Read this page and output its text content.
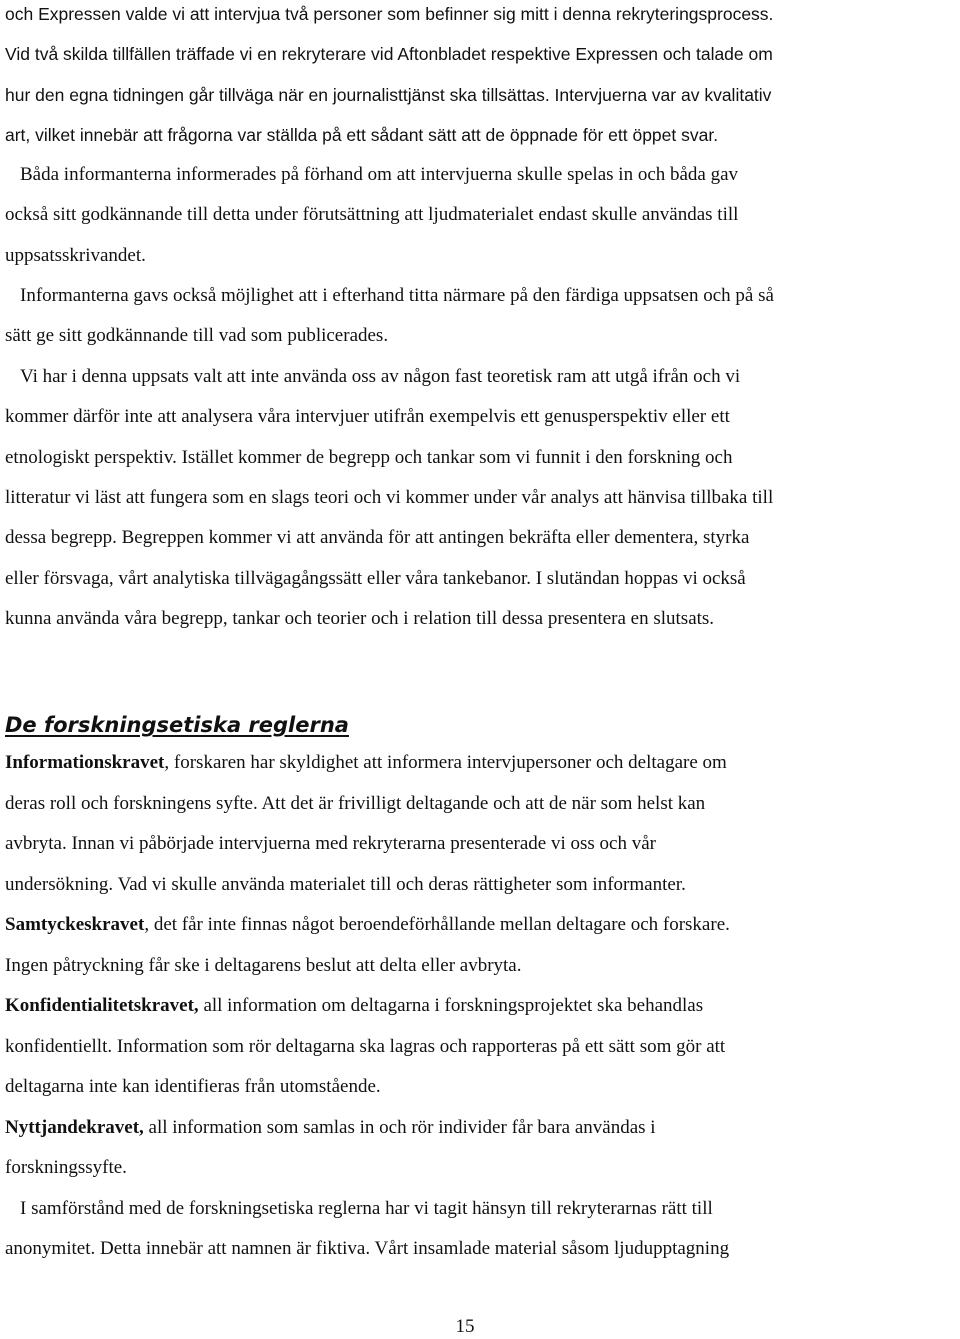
och Expressen valde vi att intervjua två personer som befinner sig mitt i denna rekryteringsprocess.
Vid två skilda tillfällen träffade vi en rekryterare vid Aftonbladet respektive Expressen och talade om
hur den egna tidningen går tillväga när en journalisttjänst ska tillsättas. Intervjuerna var av kvalitativ
art, vilket innebär att frågorna var ställda på ett sådant sätt att de öppnade för ett öppet svar.
Båda informanterna informerades på förhand om att intervjuerna skulle spelas in och båda gav
också sitt godkännande till detta under förutsättning att ljudmaterialet endast skulle användas till
uppsatsskrivandet.
Informanterna gavs också möjlighet att i efterhand titta närmare på den färdiga uppsatsen och på så
sätt ge sitt godkännande till vad som publicerades.
Vi har i denna uppsats valt att inte använda oss av någon fast teoretisk ram att utgå ifrån och vi
kommer därför inte att analysera våra intervjuer utifrån exempelvis ett genusperspektiv eller ett
etnologiskt perspektiv. Istället kommer de begrepp och tankar som vi funnit i den forskning och
litteratur vi läst att fungera som en slags teori och vi kommer under vår analys att hänvisa tillbaka till
dessa begrepp. Begreppen kommer vi att använda för att antingen bekräfta eller dementera, styrka
eller försvaga, vårt analytiska tillvägagångssätt eller våra tankebanor. I slutändan hoppas vi också
kunna använda våra begrepp, tankar och teorier och i relation till dessa presentera en slutsats.
De forskningsetiska reglerna
Informationskravet, forskaren har skyldighet att informera intervjupersoner och deltagare om
deras roll och forskningens syfte. Att det är frivilligt deltagande och att de när som helst kan
avbryta. Innan vi påbörjade intervjuerna med rekryterarna presenterade vi oss och vår
undersökning. Vad vi skulle använda materialet till och deras rättigheter som informanter.
Samtyckeskravet, det får inte finnas något beroendeförhållande mellan deltagare och forskare.
Ingen påtryckning får ske i deltagarens beslut att delta eller avbryta.
Konfidentialitetskravet, all information om deltagarna i forskningsprojektet ska behandlas
konfidentiellt. Information som rör deltagarna ska lagras och rapporteras på ett sätt som gör att
deltagarna inte kan identifieras från utomstående.
Nyttjandekravet, all information som samlas in och rör individer får bara användas i
forskningssyfte.
I samförstånd med de forskningsetiska reglerna har vi tagit hänsyn till rekryterarnas rätt till
anonymitet. Detta innebär att namnen är fiktiva. Vårt insamlade material såsom ljudupptagning
15
